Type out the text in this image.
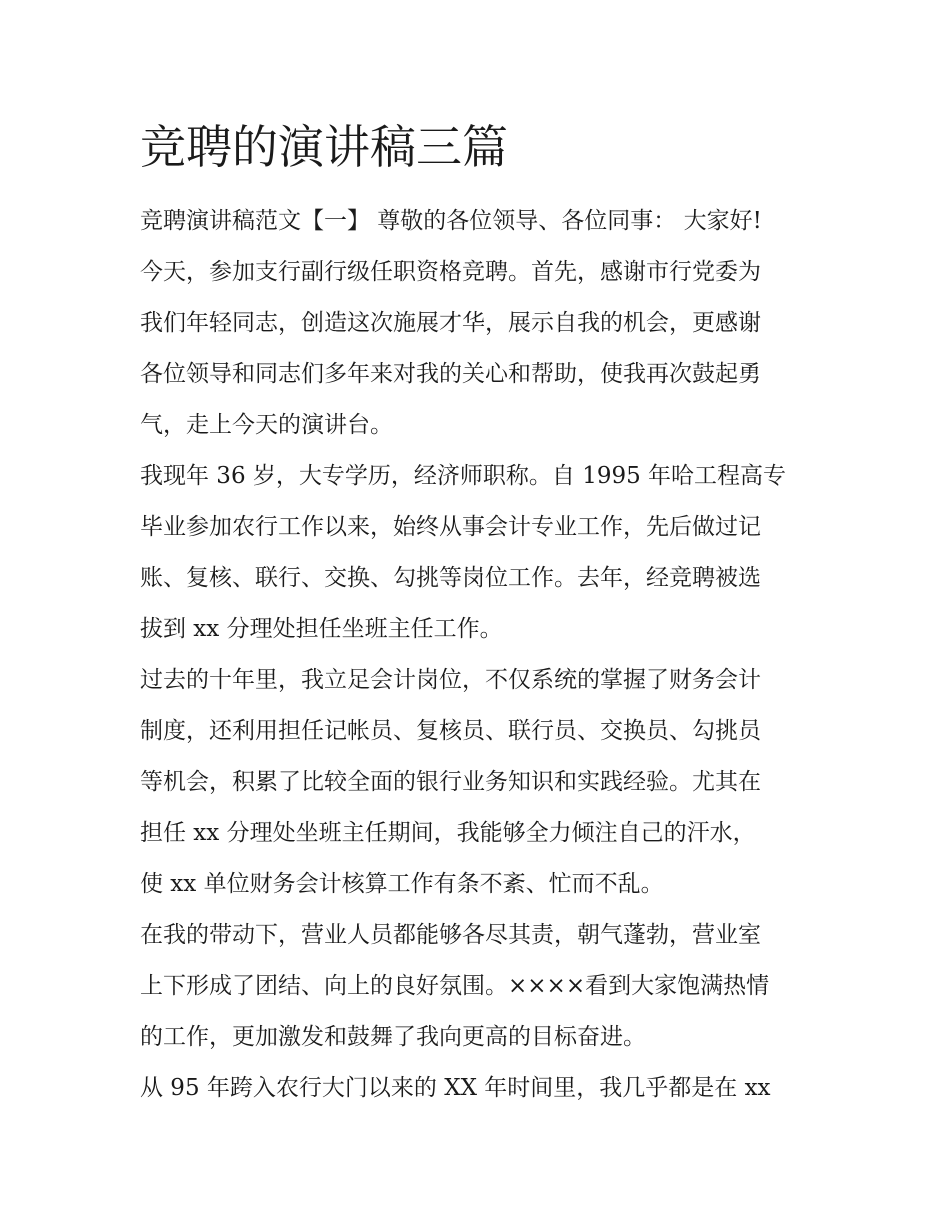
竞聘的演讲稿三篇

竞聘演讲稿范文【一】 尊敬的各位领导、各位同事： 大家好!
今天，参加支行副行级任职资格竞聘。首先，感谢市行党委为
我们年轻同志，创造这次施展才华，展示自我的机会，更感谢
各位领导和同志们多年来对我的关心和帮助，使我再次鼓起勇
气，走上今天的演讲台。

我现年 36 岁，大专学历，经济师职称。自 1995 年哈工程高专
毕业参加农行工作以来，始终从事会计专业工作，先后做过记
账、复核、联行、交换、勾挑等岗位工作。去年，经竞聘被选
拔到 xx 分理处担任坐班主任工作。

过去的十年里，我立足会计岗位，不仅系统的掌握了财务会计
制度，还利用担任记帐员、复核员、联行员、交换员、勾挑员
等机会，积累了比较全面的银行业务知识和实践经验。尤其在
担任 xx 分理处坐班主任期间，我能够全力倾注自己的汗水，
使 xx 单位财务会计核算工作有条不紊、忙而不乱。

在我的带动下，营业人员都能够各尽其责，朝气蓬勃，营业室
上下形成了团结、向上的良好氛围。××××看到大家饱满热情
的工作，更加激发和鼓舞了我向更高的目标奋进。

从 95 年跨入农行大门以来的 XX 年时间里，我几乎都是在 xx
